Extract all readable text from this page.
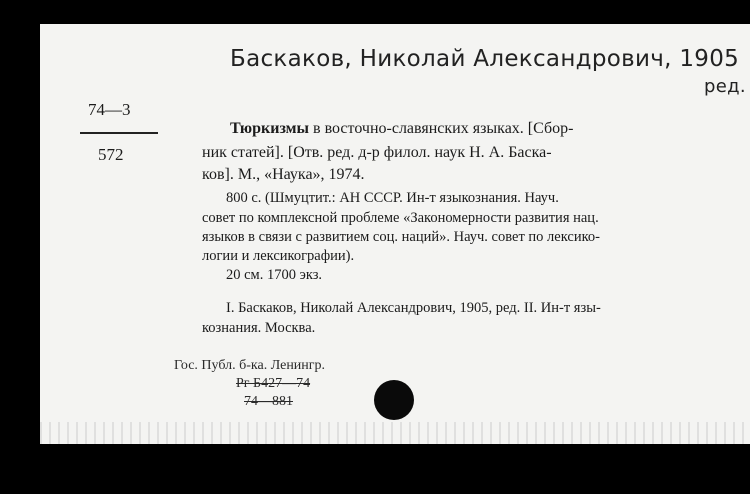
Баскаков, Николай Александрович, 1905
ред.
74—3
572
Тюркизмы в восточно-славянских языках. [Сбор-
ник статей]. [Отв. ред. д-р филол. наук Н. А. Баска-
ков]. М., «Наука», 1974.
800 с. (Шмуцтит.: АН СССР. Ин-т языкознания. Науч.
совет по комплексной проблеме «Закономерности развития нац.
языков в связи с развитием соц. наций». Науч. совет по лексико-
логии и лексикографии).
20 см. 1700 экз.
I. Баскаков, Николай Александрович, 1905, ред. II. Ин-т язы-
кознания. Москва.
Гос. Публ. б-ка. Ленингр.
Рг Б427—74
74—881
